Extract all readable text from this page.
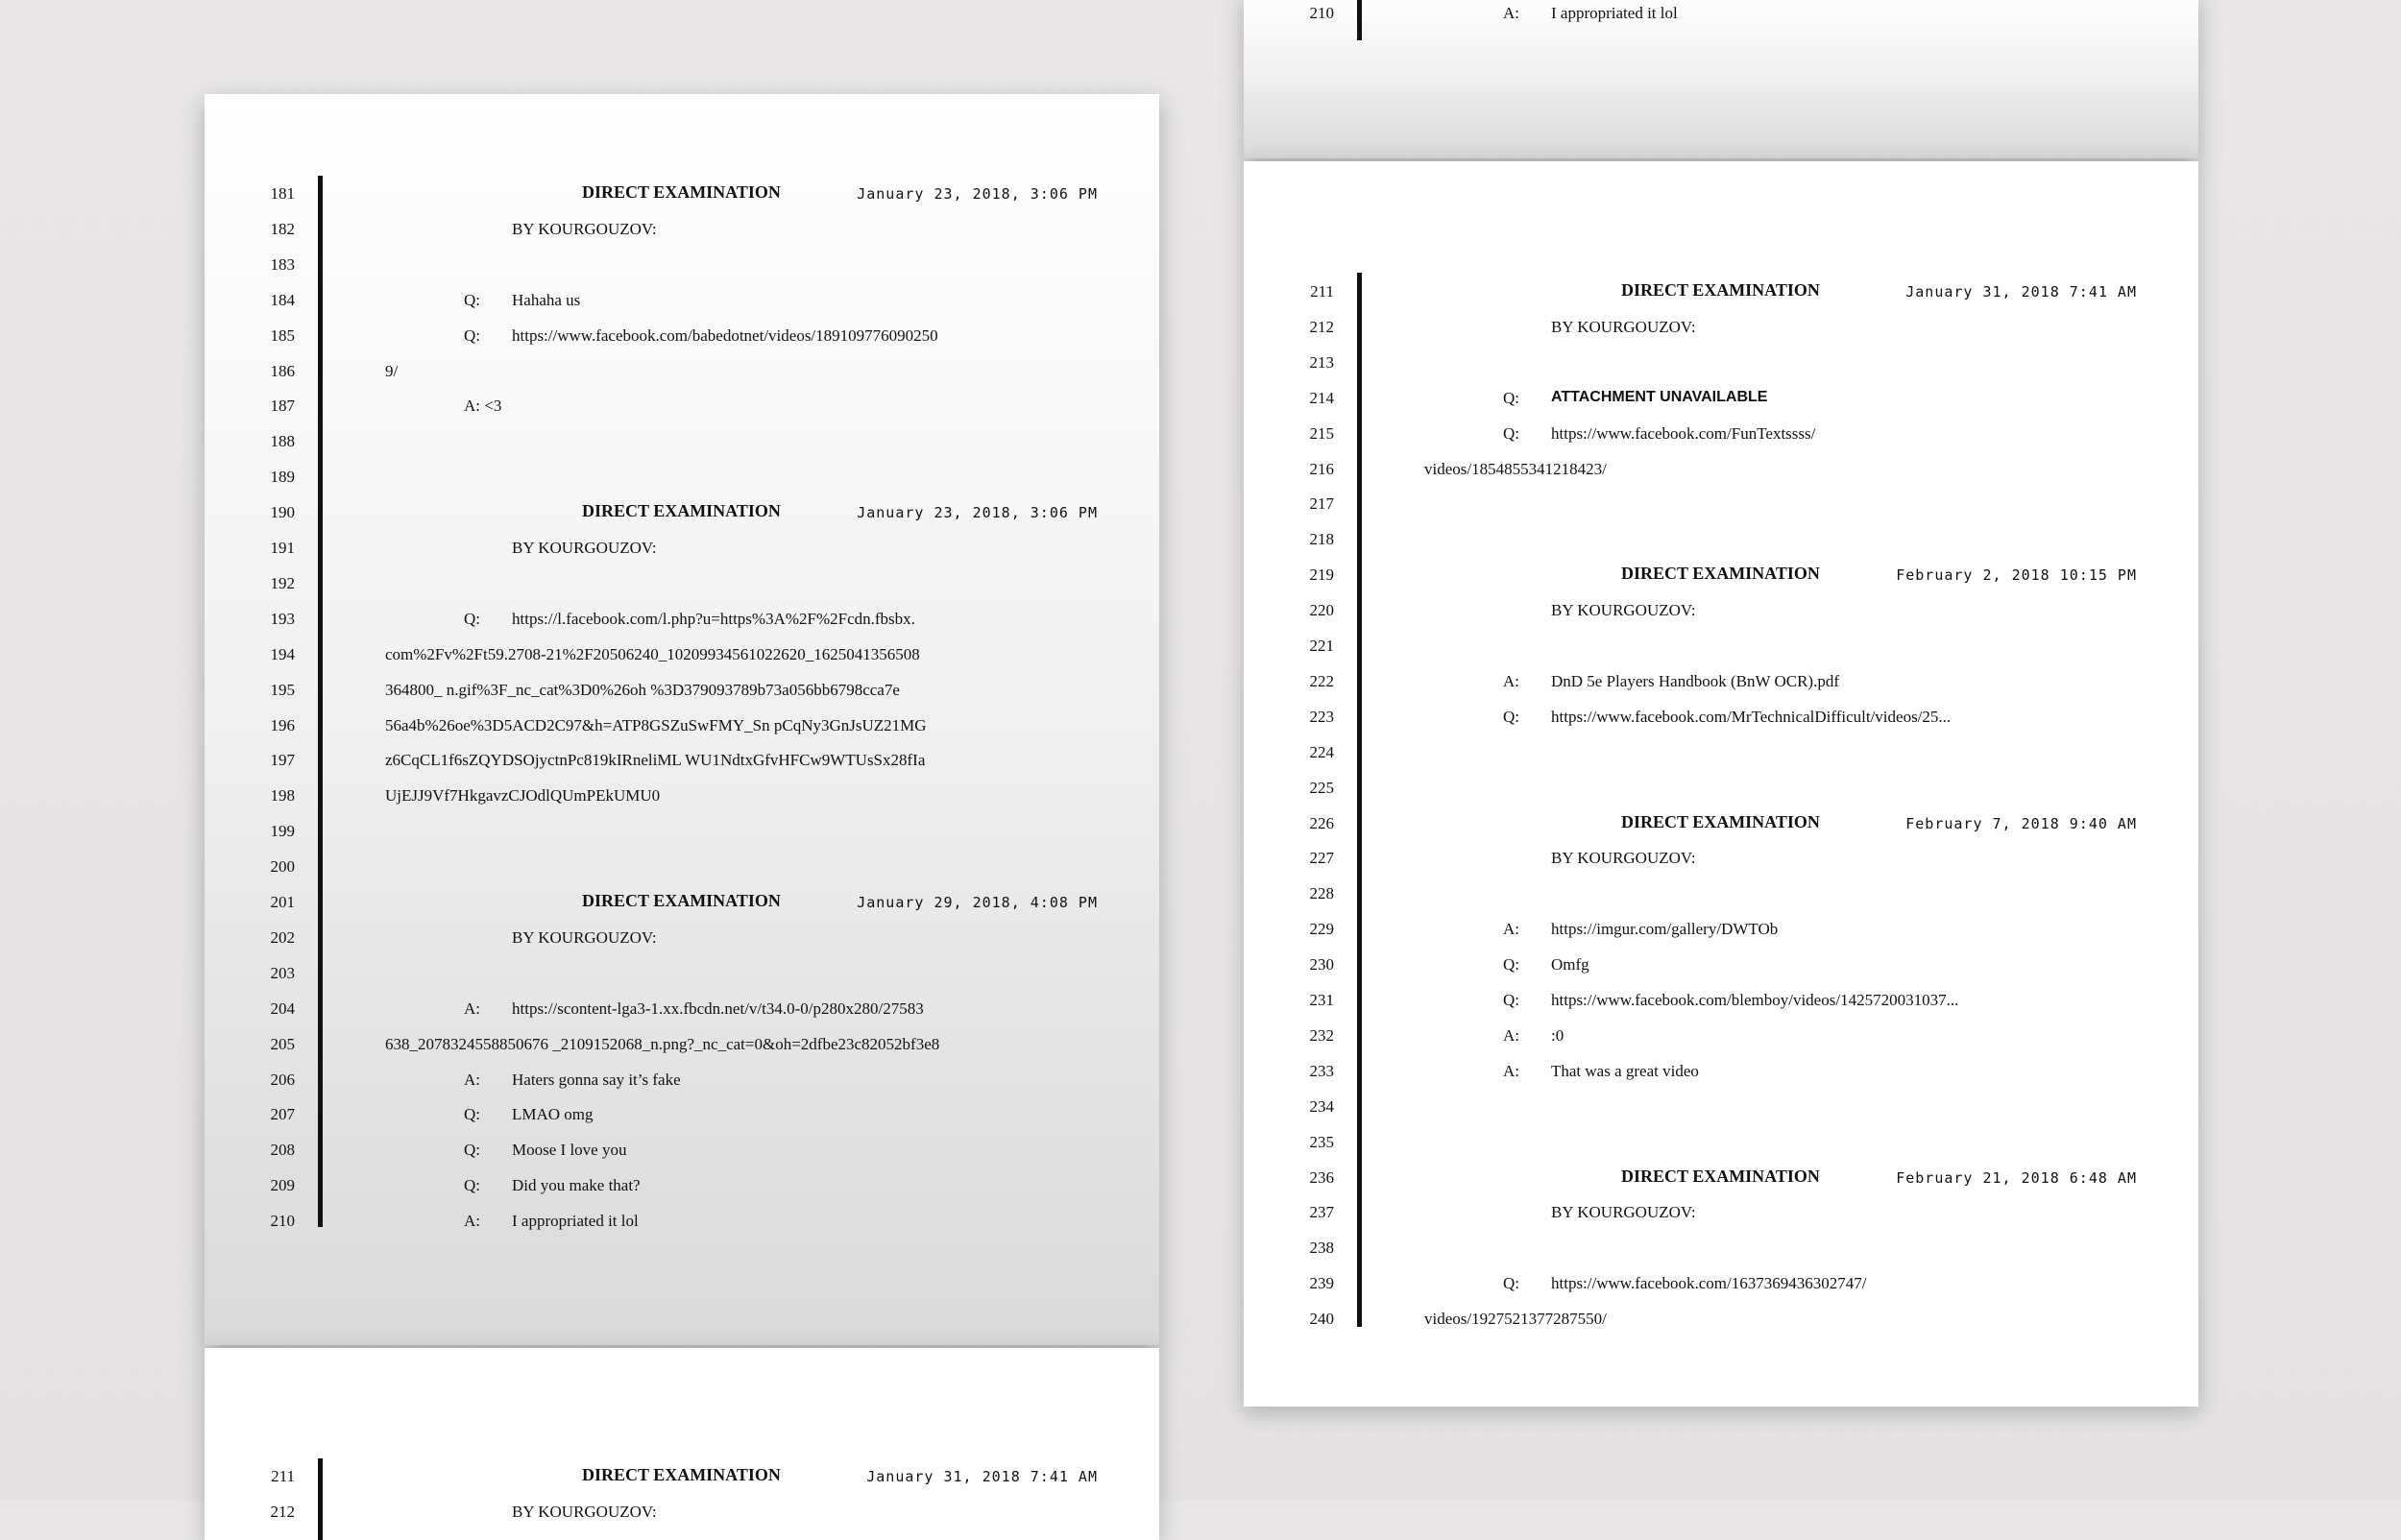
181	DIRECT EXAMINATION	January 23, 2018, 3:06 PM
182	BY KOURGOUZOV:
183
184	Q: Hahaha us
185	Q: https://www.facebook.com/babedotnet/videos/189109776090250
186	9/
187	A: <3
188
189
190	DIRECT EXAMINATION	January 23, 2018, 3:06 PM
191	BY KOURGOUZOV:
192
193	Q: https://l.facebook.com/l.php?u=https%3A%2F%2Fcdn.fbsbx.
194	com%2Fv%2Ft59.2708-21%2F20506240_10209934561022620_1625041356508
195	364800_ n.gif%3F_nc_cat%3D0%26oh %3D379093789b73a056bb6798cca7e
196	56a4b%26oe%3D5ACD2C97&h=ATP8GSZuSwFMY_Sn pCqNy3GnJsUZ21MG
197	z6CqCL1f6sZQYDSOjyctnPc819kIRneliML WU1NdtxGfvHFCw9WTUsSx28fIa
198	UjEJJ9Vf7HkgavzCJOdlQUmPEkUMU0
199
200
201	DIRECT EXAMINATION	January 29, 2018, 4:08 PM
202	BY KOURGOUZOV:
203
204	A: https://scontent-lga3-1.xx.fbcdn.net/v/t34.0-0/p280x280/27583
205	638_2078324558850676 _2109152068_n.png?_nc_cat=0&oh=2dfbe23c82052bf3e8
206	A: Haters gonna say it’s fake
207	Q: LMAO omg
208	Q: Moose I love you
209	Q: Did you make that?
210	A: I appropriated it lol
211	DIRECT EXAMINATION	January 31, 2018 7:41 AM
212	BY KOURGOUZOV:
210	A: I appropriated it lol
211	DIRECT EXAMINATION	January 31, 2018 7:41 AM
212	BY KOURGOUZOV:
213
214	Q: ATTACHMENT UNAVAILABLE
215	Q: https://www.facebook.com/FunTextssss/
216	videos/1854855341218423/
217
218
219	DIRECT EXAMINATION	February 2, 2018 10:15 PM
220	BY KOURGOUZOV:
221
222	A: DnD 5e Players Handbook (BnW OCR).pdf
223	Q: https://www.facebook.com/MrTechnicalDifficult/videos/25...
224
225
226	DIRECT EXAMINATION	February 7, 2018 9:40 AM
227	BY KOURGOUZOV:
228
229	A: https://imgur.com/gallery/DWTOb
230	Q: Omfg
231	Q: https://www.facebook.com/blemboy/videos/1425720031037...
232	A: :0
233	A: That was a great video
234
235
236	DIRECT EXAMINATION	February 21, 2018 6:48 AM
237	BY KOURGOUZOV:
238
239	Q: https://www.facebook.com/1637369436302747/
240	videos/1927521377287550/
